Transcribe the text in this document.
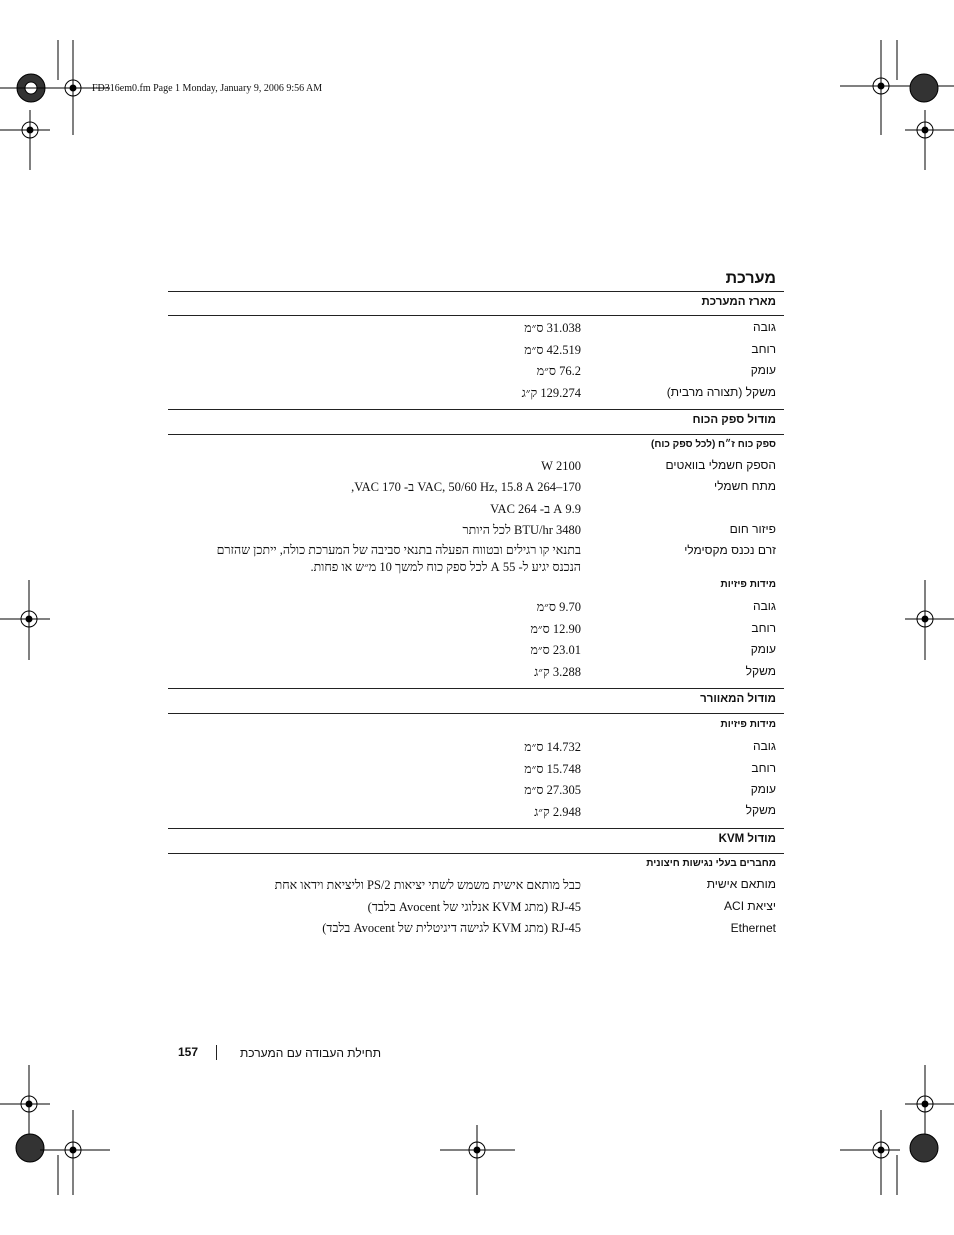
FD316em0.fm Page 1 Monday, January 9, 2006 9:56 AM
מערכת
מארז המערכת
גובה
31.038 ס״מ
רוחב
42.519 ס״מ
עומק
76.2 ס״מ
משקל (תצורה מרבית)
129.274 ק״ג
מודול ספק הכוח
ספק כוח ז״ח (לכל ספק כוח)
הספק חשמלי בוואטים
2100 W
מתח חשמלי
170–264 VAC, 50/60 Hz, 15.8 A ב- 170 VAC,
9.9 A ב- 264 VAC
פיזור חום
3480 BTU/hr לכל היותר
זרם נכנס מקסימלי
בתנאי קו רגילים ובטווח הפעלה בתנאי סביבה של המערכת כולה, ייתכן שהזרם הנכנס יגיע ל- 55 A לכל ספק כוח למשך 10 מ״ש או פחות.
מידות פיזיות
גובה
9.70 ס״מ
רוחב
12.90 ס״מ
עומק
23.01 ס״מ
משקל
3.288 ק״ג
מודול המאוורר
מידות פיזיות
גובה
14.732 ס״מ
רוחב
15.748 ס״מ
עומק
27.305 ס״מ
משקל
2.948 ק״ג
מודול KVM
מחברים בעלי נגישות חיצונית
מותאם אישית
כבל מותאם אישית משמש לשתי יציאות PS/2 וליציאת וידאו אחת
יציאת ACI
RJ-45 (מתג KVM אנלוגי של Avocent בלבד)
Ethernet
RJ-45 (מתג KVM לגישה דיגיטלית של Avocent בלבד)
157	תחילת העבודה עם המערכת
